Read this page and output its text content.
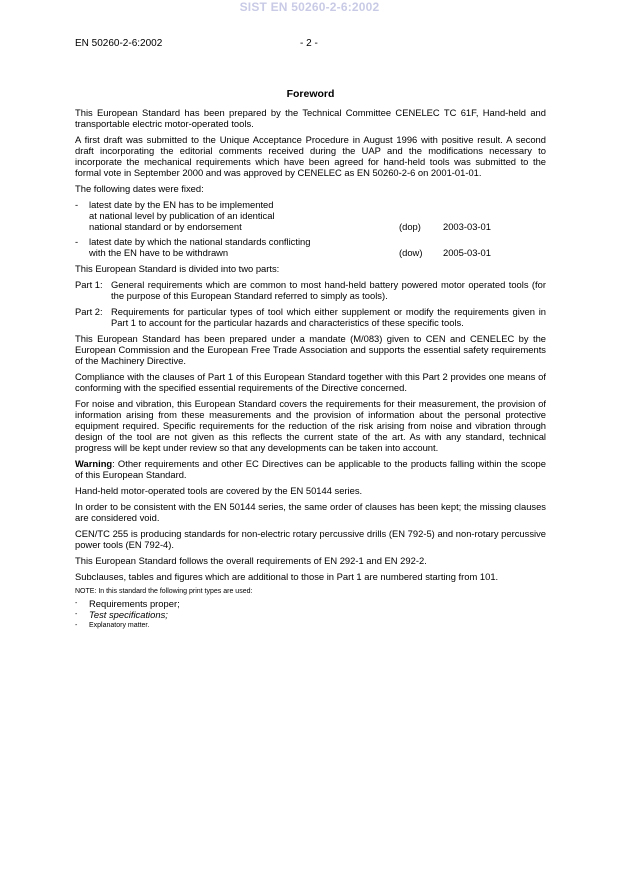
SIST EN 50260-2-6:2002
EN 50260-2-6:2002	- 2 -
Foreword

This European Standard has been prepared by the Technical Committee CENELEC TC 61F, Hand-held and transportable electric motor-operated tools.

A first draft was submitted to the Unique Acceptance Procedure in August 1996 with positive result. A second draft incorporating the editorial comments received during the UAP and the modifications necessary to incorporate the mechanical requirements which have been agreed for hand-held tools was submitted to the formal vote in September 2000 and was approved by CENELEC as EN 50260-2-6 on 2001-01-01.

The following dates were fixed:

-	latest date by the EN has to be implemented
at national level by publication of an identical
national standard or by endorsement	(dop)	2003-03-01
-	latest date by which the national standards conflicting
with the EN have to be withdrawn	(dow)	2005-03-01

This European Standard is divided into two parts:

Part 1: General requirements which are common to most hand-held battery powered motor operated tools (for the purpose of this European Standard referred to simply as tools).
Part 2: Requirements for particular types of tool which either supplement or modify the requirements given in Part 1 to account for the particular hazards and characteristics of these specific tools.

This European Standard has been prepared under a mandate (M/083) given to CEN and CENELEC by the European Commission and the European Free Trade Association and supports the essential safety requirements of the Machinery Directive.

Compliance with the clauses of Part 1 of this European Standard together with this Part 2 provides one means of conforming with the specified essential requirements of the Directive concerned.

For noise and vibration, this European Standard covers the requirements for their measurement, the provision of information arising from these measurements and the provision of information about the personal protective equipment required. Specific requirements for the reduction of the risk arising from noise and vibration through design of the tool are not given as this reflects the current state of the art. As with any standard, technical progress will be kept under review so that any developments can be taken into account.

Warning: Other requirements and other EC Directives can be applicable to the products falling within the scope of this European Standard.

Hand-held motor-operated tools are covered by the EN 50144 series.

In order to be consistent with the EN 50144 series, the same order of clauses has been kept; the missing clauses are considered void.

CEN/TC 255 is producing standards for non-electric rotary percussive drills (EN 792-5) and non-rotary percussive power tools (EN 792-4).

This European Standard follows the overall requirements of EN 292-1 and EN 292-2.

Subclauses, tables and figures which are additional to those in Part 1 are numbered starting from 101.

NOTE: In this standard the following print types are used:
-	Requirements proper;
-	Test specifications;
-	Explanatory matter.
